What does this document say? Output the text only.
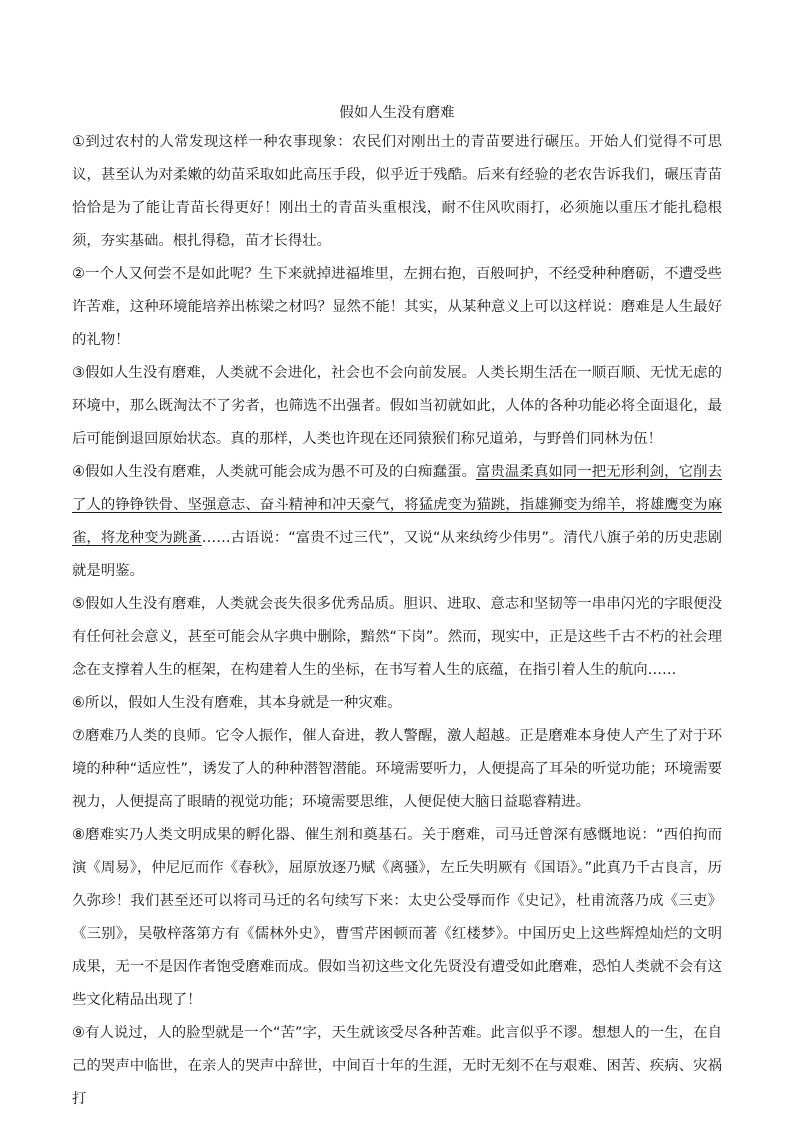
假如人生没有磨难

①到过农村的人常发现这样一种农事现象：农民们对刚出土的青苗要进行碾压。开始人们觉得不可思议，甚至认为对柔嫩的幼苗采取如此高压手段，似乎近于残酷。后来有经验的老农告诉我们，碾压青苗恰恰是为了能让青苗长得更好！刚出土的青苗头重根浅，耐不住风吹雨打，必须施以重压才能扎稳根须，夯实基础。根扎得稳，苗才长得壮。

②一个人又何尝不是如此呢？生下来就掉进福堆里，左拥右抱，百般呵护，不经受种种磨砺，不遭受些许苦难，这种环境能培养出栋梁之材吗？显然不能！其实，从某种意义上可以这样说：磨难是人生最好的礼物！

③假如人生没有磨难，人类就不会进化，社会也不会向前发展。人类长期生活在一顺百顺、无忧无虑的环境中，那么既淘汰不了劣者，也筛选不出强者。假如当初就如此，人体的各种功能必将全面退化，最后可能倒退回原始状态。真的那样，人类也许现在还同猿猴们称兄道弟，与野兽们同林为伍！

④假如人生没有磨难，人类就可能会成为愚不可及的白痴蠢蛋。富贵温柔真如同一把无形利剑，它削去了人的铮铮铁骨、坚强意志、奋斗精神和冲天豪气，将猛虎变为猫跳，指雄狮变为绵羊，将雄鹰变为麻雀，将龙种变为跳蚤……古语说：“富贵不过三代”，又说“从来纨绔少伟男”。清代八旗子弟的历史悲剧就是明鉴。

⑤假如人生没有磨难，人类就会丧失很多优秀品质。胆识、进取、意志和坚韧等一串串闪光的字眼便没有任何社会意义，甚至可能会从字典中删除，黯然“下岗”。然而，现实中，正是这些千古不朽的社会理念在支撑着人生的框架，在构建着人生的坐标，在书写着人生的底蕴，在指引着人生的航向……

⑥所以，假如人生没有磨难，其本身就是一种灾难。

⑦磨难乃人类的良师。它令人振作，催人奋进，教人警醒，激人超越。正是磨难本身使人产生了对于环境的种种“适应性”，诱发了人的种种潜智潜能。环境需要听力，人便提高了耳朵的听觉功能；环境需要视力，人便提高了眼睛的视觉功能；环境需要思维，人便促使大脑日益聪睿精进。

⑧磨难实乃人类文明成果的孵化器、催生剂和奠基石。关于磨难，司马迁曾深有感慨地说：“西伯拘而演《周易》，仲尼厄而作《春秋》，屈原放逐乃赋《离骚》，左丘失明厥有《国语》。”此真乃千古良言，历久弥珍！我们甚至还可以将司马迁的名句续写下来：太史公受辱而作《史记》，杜甫流落乃成《三吏》《三别》，吴敬梓落第方有《儒林外史》，曹雪芹困顿而著《红楼梦》。中国历史上这些辉煌灿烂的文明成果，无一不是因作者饱受磨难而成。假如当初这些文化先贤没有遭受如此磨难，恐怕人类就不会有这些文化精品出现了！

⑨有人说过，人的脸型就是一个“苦”字，天生就该受尽各种苦难。此言似乎不谬。想想人的一生，在自己的哭声中临世，在亲人的哭声中辞世，中间百十年的生涯，无时无刻不在与艰难、困苦、疾病、灾祸打
